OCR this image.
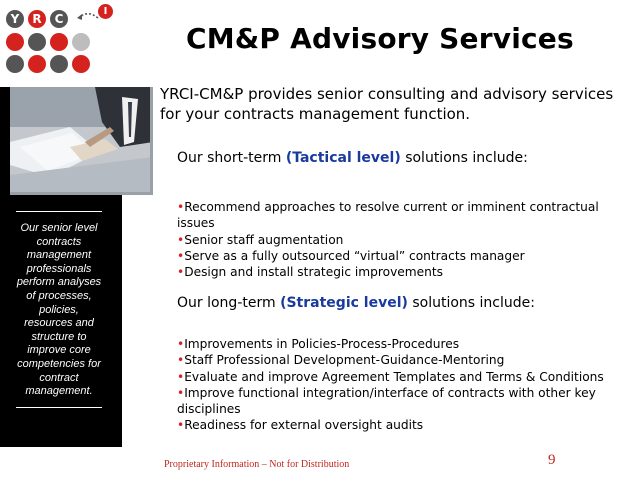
Y	R	C
I
Our senior level contracts management professionals perform analyses of processes, policies, resources and structure to improve core competencies for contract management.
CM&P Advisory Services
YRCI-CM&P provides senior consulting and advisory services for your contracts management function.
Our short-term (Tactical level) solutions include:
•Recommend approaches to resolve current or imminent contractual issues
•Senior staff augmentation
•Serve as a fully outsourced “virtual” contracts manager
•Design and install strategic improvements
Our long-term (Strategic level) solutions include:
•Improvements in Policies-Process-Procedures
•Staff Professional Development-Guidance-Mentoring
•Evaluate and improve Agreement Templates and Terms & Conditions
•Improve functional integration/interface of contracts with other key disciplines
•Readiness for external oversight audits
Proprietary Information – Not for Distribution	9
